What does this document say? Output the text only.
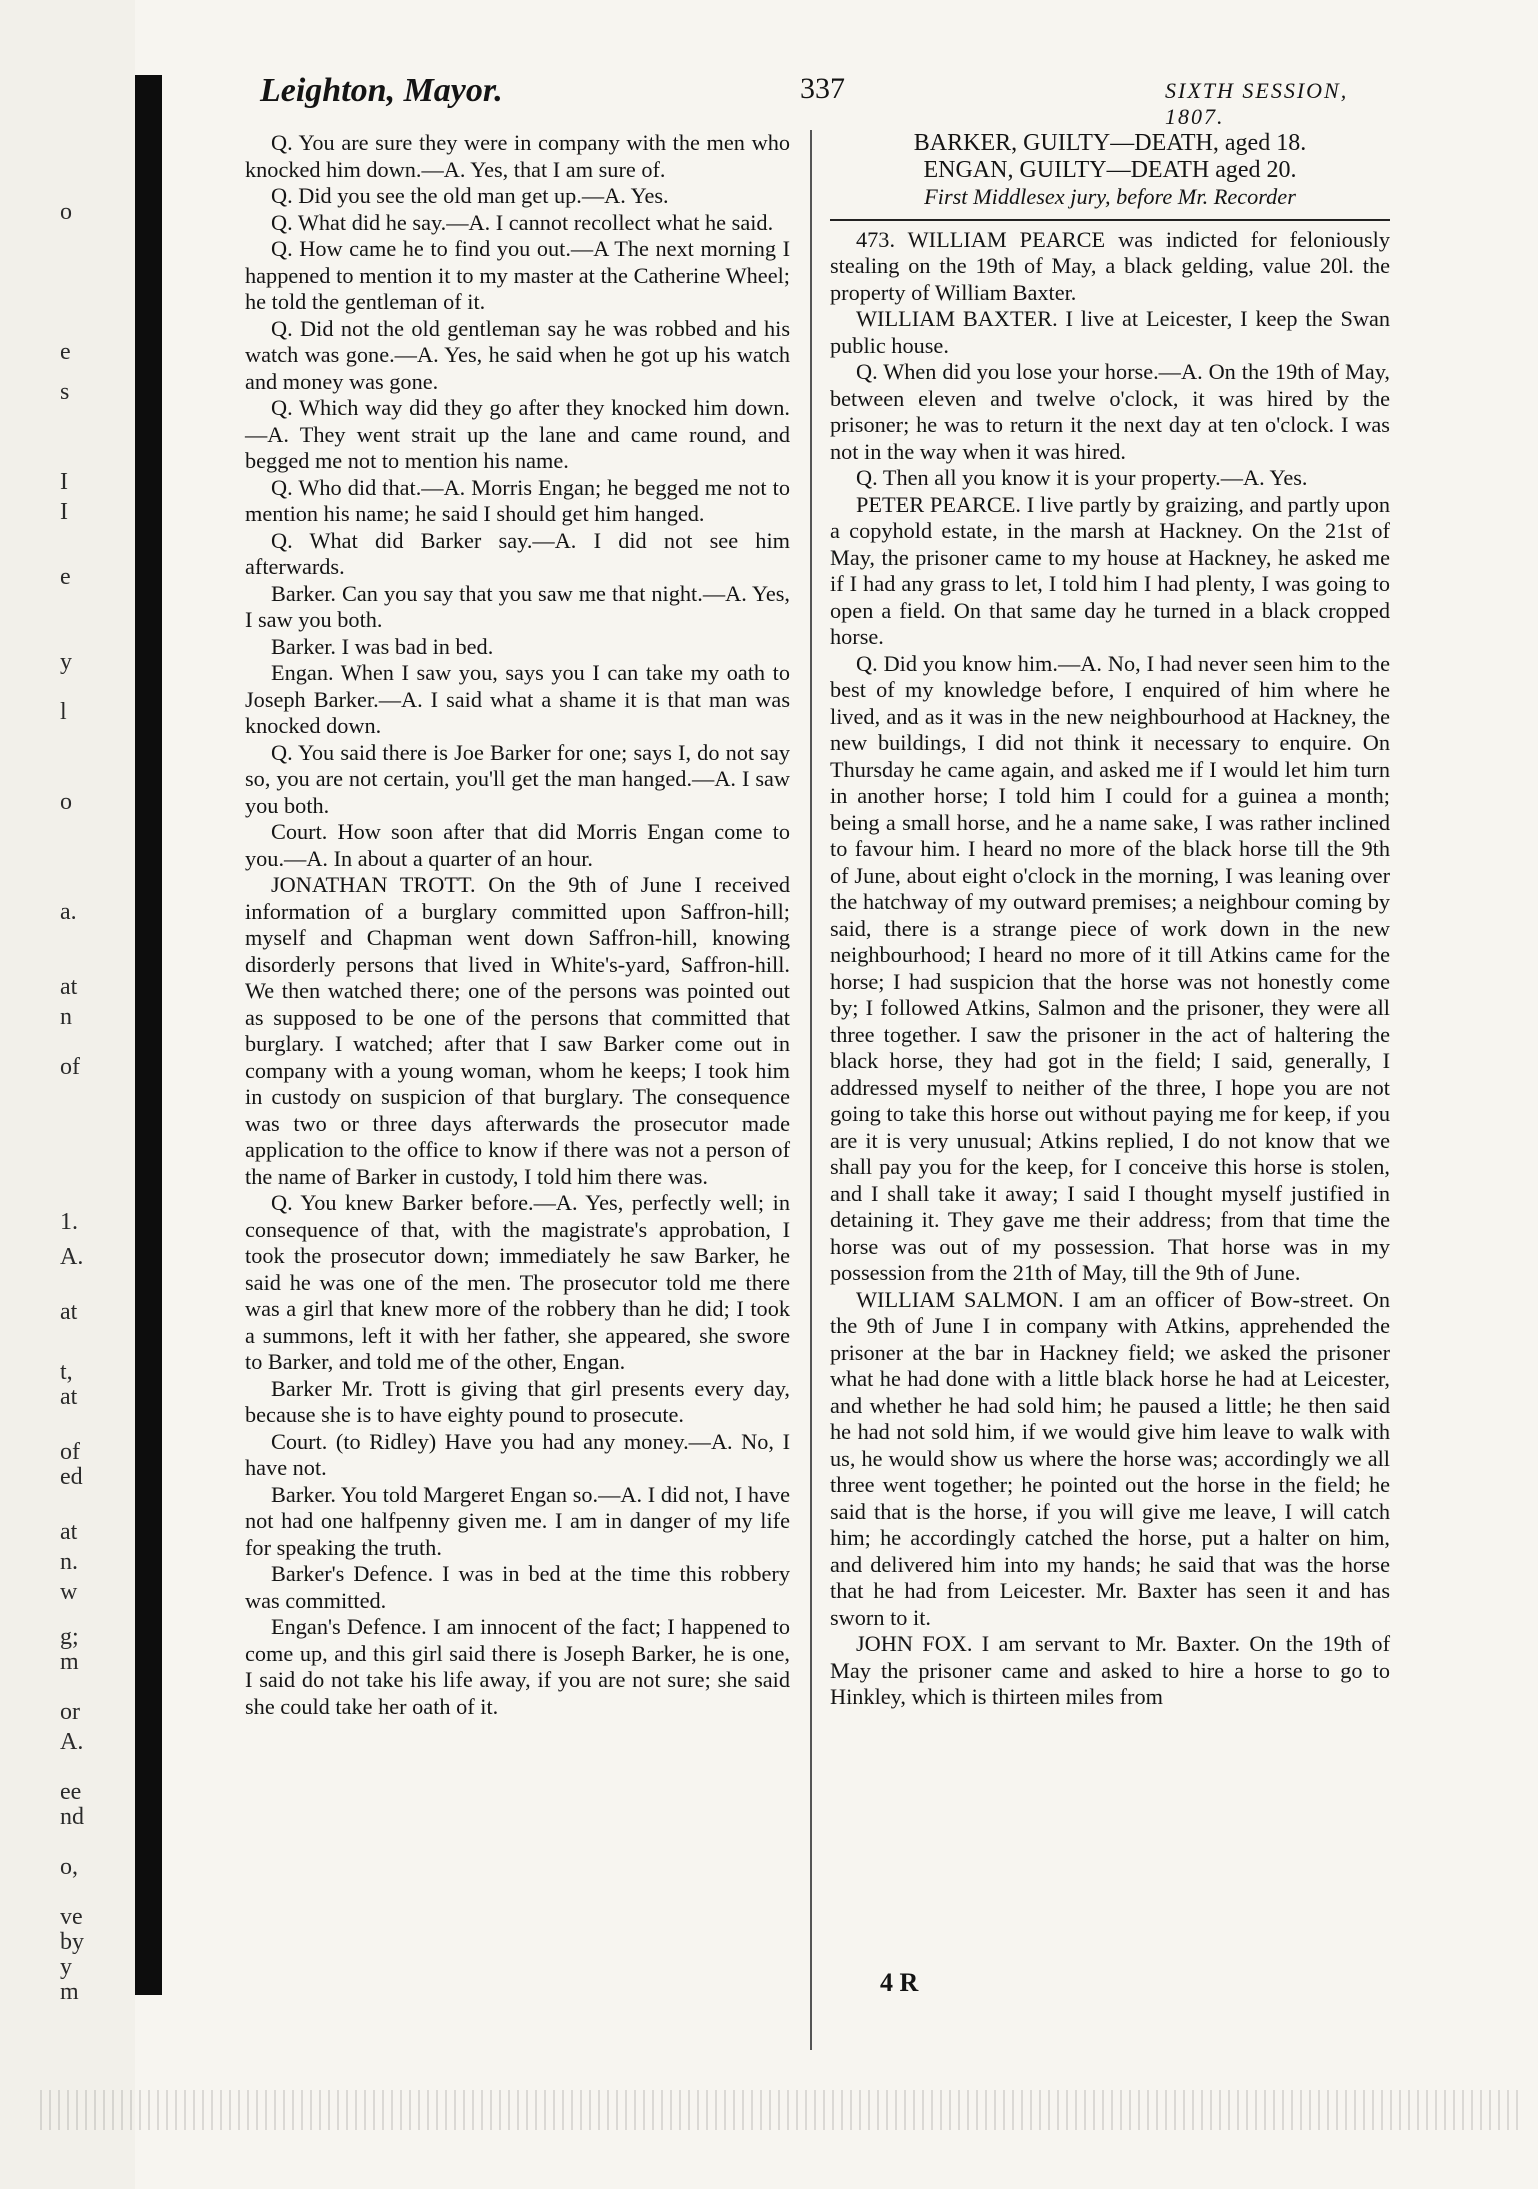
o
e
s
I
I
e
y
l
o
a.
at
n
of
1.
A.
at
t,
at
of
ed
at
n.
w
g;
m
or
A.
ee
nd
o,
ve
by
y
m
Leighton, Mayor.	337	SIXTH SESSION, 1807.

Q. You are sure they were in company with the men who knocked him down.—A. Yes, that I am sure of.

Q. Did you see the old man get up.—A. Yes.

Q. What did he say.—A. I cannot recollect what he said.

Q. How came he to find you out.—A The next morning I happened to mention it to my master at the Catherine Wheel; he told the gentleman of it.

Q. Did not the old gentleman say he was robbed and his watch was gone.—A. Yes, he said when he got up his watch and money was gone.

Q. Which way did they go after they knocked him down.—A. They went strait up the lane and came round, and begged me not to mention his name.

Q. Who did that.—A. Morris Engan; he begged me not to mention his name; he said I should get him hanged.

Q. What did Barker say.—A. I did not see him afterwards.

Barker. Can you say that you saw me that night.—A. Yes, I saw you both.

Barker. I was bad in bed.

Engan. When I saw you, says you I can take my oath to Joseph Barker.—A. I said what a shame it is that man was knocked down.

Q. You said there is Joe Barker for one; says I, do not say so, you are not certain, you'll get the man hanged.—A. I saw you both.

Court. How soon after that did Morris Engan come to you.—A. In about a quarter of an hour.

JONATHAN TROTT. On the 9th of June I received information of a burglary committed upon Saffron-hill; myself and Chapman went down Saffron-hill, knowing disorderly persons that lived in White's-yard, Saffron-hill. We then watched there; one of the persons was pointed out as supposed to be one of the persons that committed that burglary. I watched; after that I saw Barker come out in company with a young woman, whom he keeps; I took him in custody on suspicion of that burglary. The consequence was two or three days afterwards the prosecutor made application to the office to know if there was not a person of the name of Barker in custody, I told him there was.

Q. You knew Barker before.—A. Yes, perfectly well; in consequence of that, with the magistrate's approbation, I took the prosecutor down; immediately he saw Barker, he said he was one of the men. The prosecutor told me there was a girl that knew more of the robbery than he did; I took a summons, left it with her father, she appeared, she swore to Barker, and told me of the other, Engan.

Barker Mr. Trott is giving that girl presents every day, because she is to have eighty pound to prosecute.

Court. (to Ridley) Have you had any money.—A. No, I have not.

Barker. You told Margeret Engan so.—A. I did not, I have not had one halfpenny given me. I am in danger of my life for speaking the truth.

Barker's Defence. I was in bed at the time this robbery was committed.

Engan's Defence. I am innocent of the fact; I happened to come up, and this girl said there is Joseph Barker, he is one, I said do not take his life away, if you are not sure; she said she could take her oath of it.

BARKER, GUILTY—DEATH, aged 18.

ENGAN, GUILTY—DEATH aged 20.

First Middlesex jury, before Mr. Recorder

473. WILLIAM PEARCE was indicted for feloniously stealing on the 19th of May, a black gelding, value 20l. the property of William Baxter.

WILLIAM BAXTER. I live at Leicester, I keep the Swan public house.

Q. When did you lose your horse.—A. On the 19th of May, between eleven and twelve o'clock, it was hired by the prisoner; he was to return it the next day at ten o'clock. I was not in the way when it was hired.

Q. Then all you know it is your property.—A. Yes.

PETER PEARCE. I live partly by graizing, and partly upon a copyhold estate, in the marsh at Hackney. On the 21st of May, the prisoner came to my house at Hackney, he asked me if I had any grass to let, I told him I had plenty, I was going to open a field. On that same day he turned in a black cropped horse.

Q. Did you know him.—A. No, I had never seen him to the best of my knowledge before, I enquired of him where he lived, and as it was in the new neighbourhood at Hackney, the new buildings, I did not think it necessary to enquire. On Thursday he came again, and asked me if I would let him turn in another horse; I told him I could for a guinea a month; being a small horse, and he a name sake, I was rather inclined to favour him. I heard no more of the black horse till the 9th of June, about eight o'clock in the morning, I was leaning over the hatchway of my outward premises; a neighbour coming by said, there is a strange piece of work down in the new neighbourhood; I heard no more of it till Atkins came for the horse; I had suspicion that the horse was not honestly come by; I followed Atkins, Salmon and the prisoner, they were all three together. I saw the prisoner in the act of haltering the black horse, they had got in the field; I said, generally, I addressed myself to neither of the three, I hope you are not going to take this horse out without paying me for keep, if you are it is very unusual; Atkins replied, I do not know that we shall pay you for the keep, for I conceive this horse is stolen, and I shall take it away; I said I thought myself justified in detaining it. They gave me their address; from that time the horse was out of my possession. That horse was in my possession from the 21th of May, till the 9th of June.

WILLIAM SALMON. I am an officer of Bow-street. On the 9th of June I in company with Atkins, apprehended the prisoner at the bar in Hackney field; we asked the prisoner what he had done with a little black horse he had at Leicester, and whether he had sold him; he paused a little; he then said he had not sold him, if we would give him leave to walk with us, he would show us where the horse was; accordingly we all three went together; he pointed out the horse in the field; he said that is the horse, if you will give me leave, I will catch him; he accordingly catched the horse, put a halter on him, and delivered him into my hands; he said that was the horse that he had from Leicester. Mr. Baxter has seen it and has sworn to it.

JOHN FOX. I am servant to Mr. Baxter. On the 19th of May the prisoner came and asked to hire a horse to go to Hinkley, which is thirteen miles from

4 R
